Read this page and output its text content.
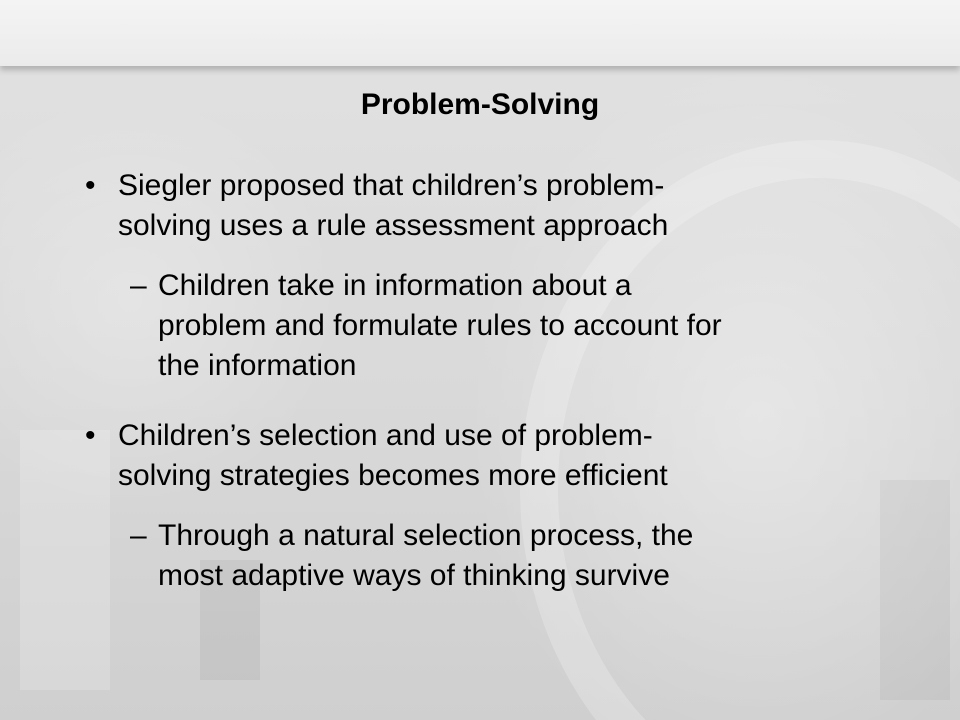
Problem-Solving
• Siegler proposed that children’s problem-
solving uses a rule assessment approach
– Children take in information about a
problem and formulate rules to account for
the information
• Children’s selection and use of problem-
solving strategies becomes more efficient
– Through a natural selection process, the
most adaptive ways of thinking survive
